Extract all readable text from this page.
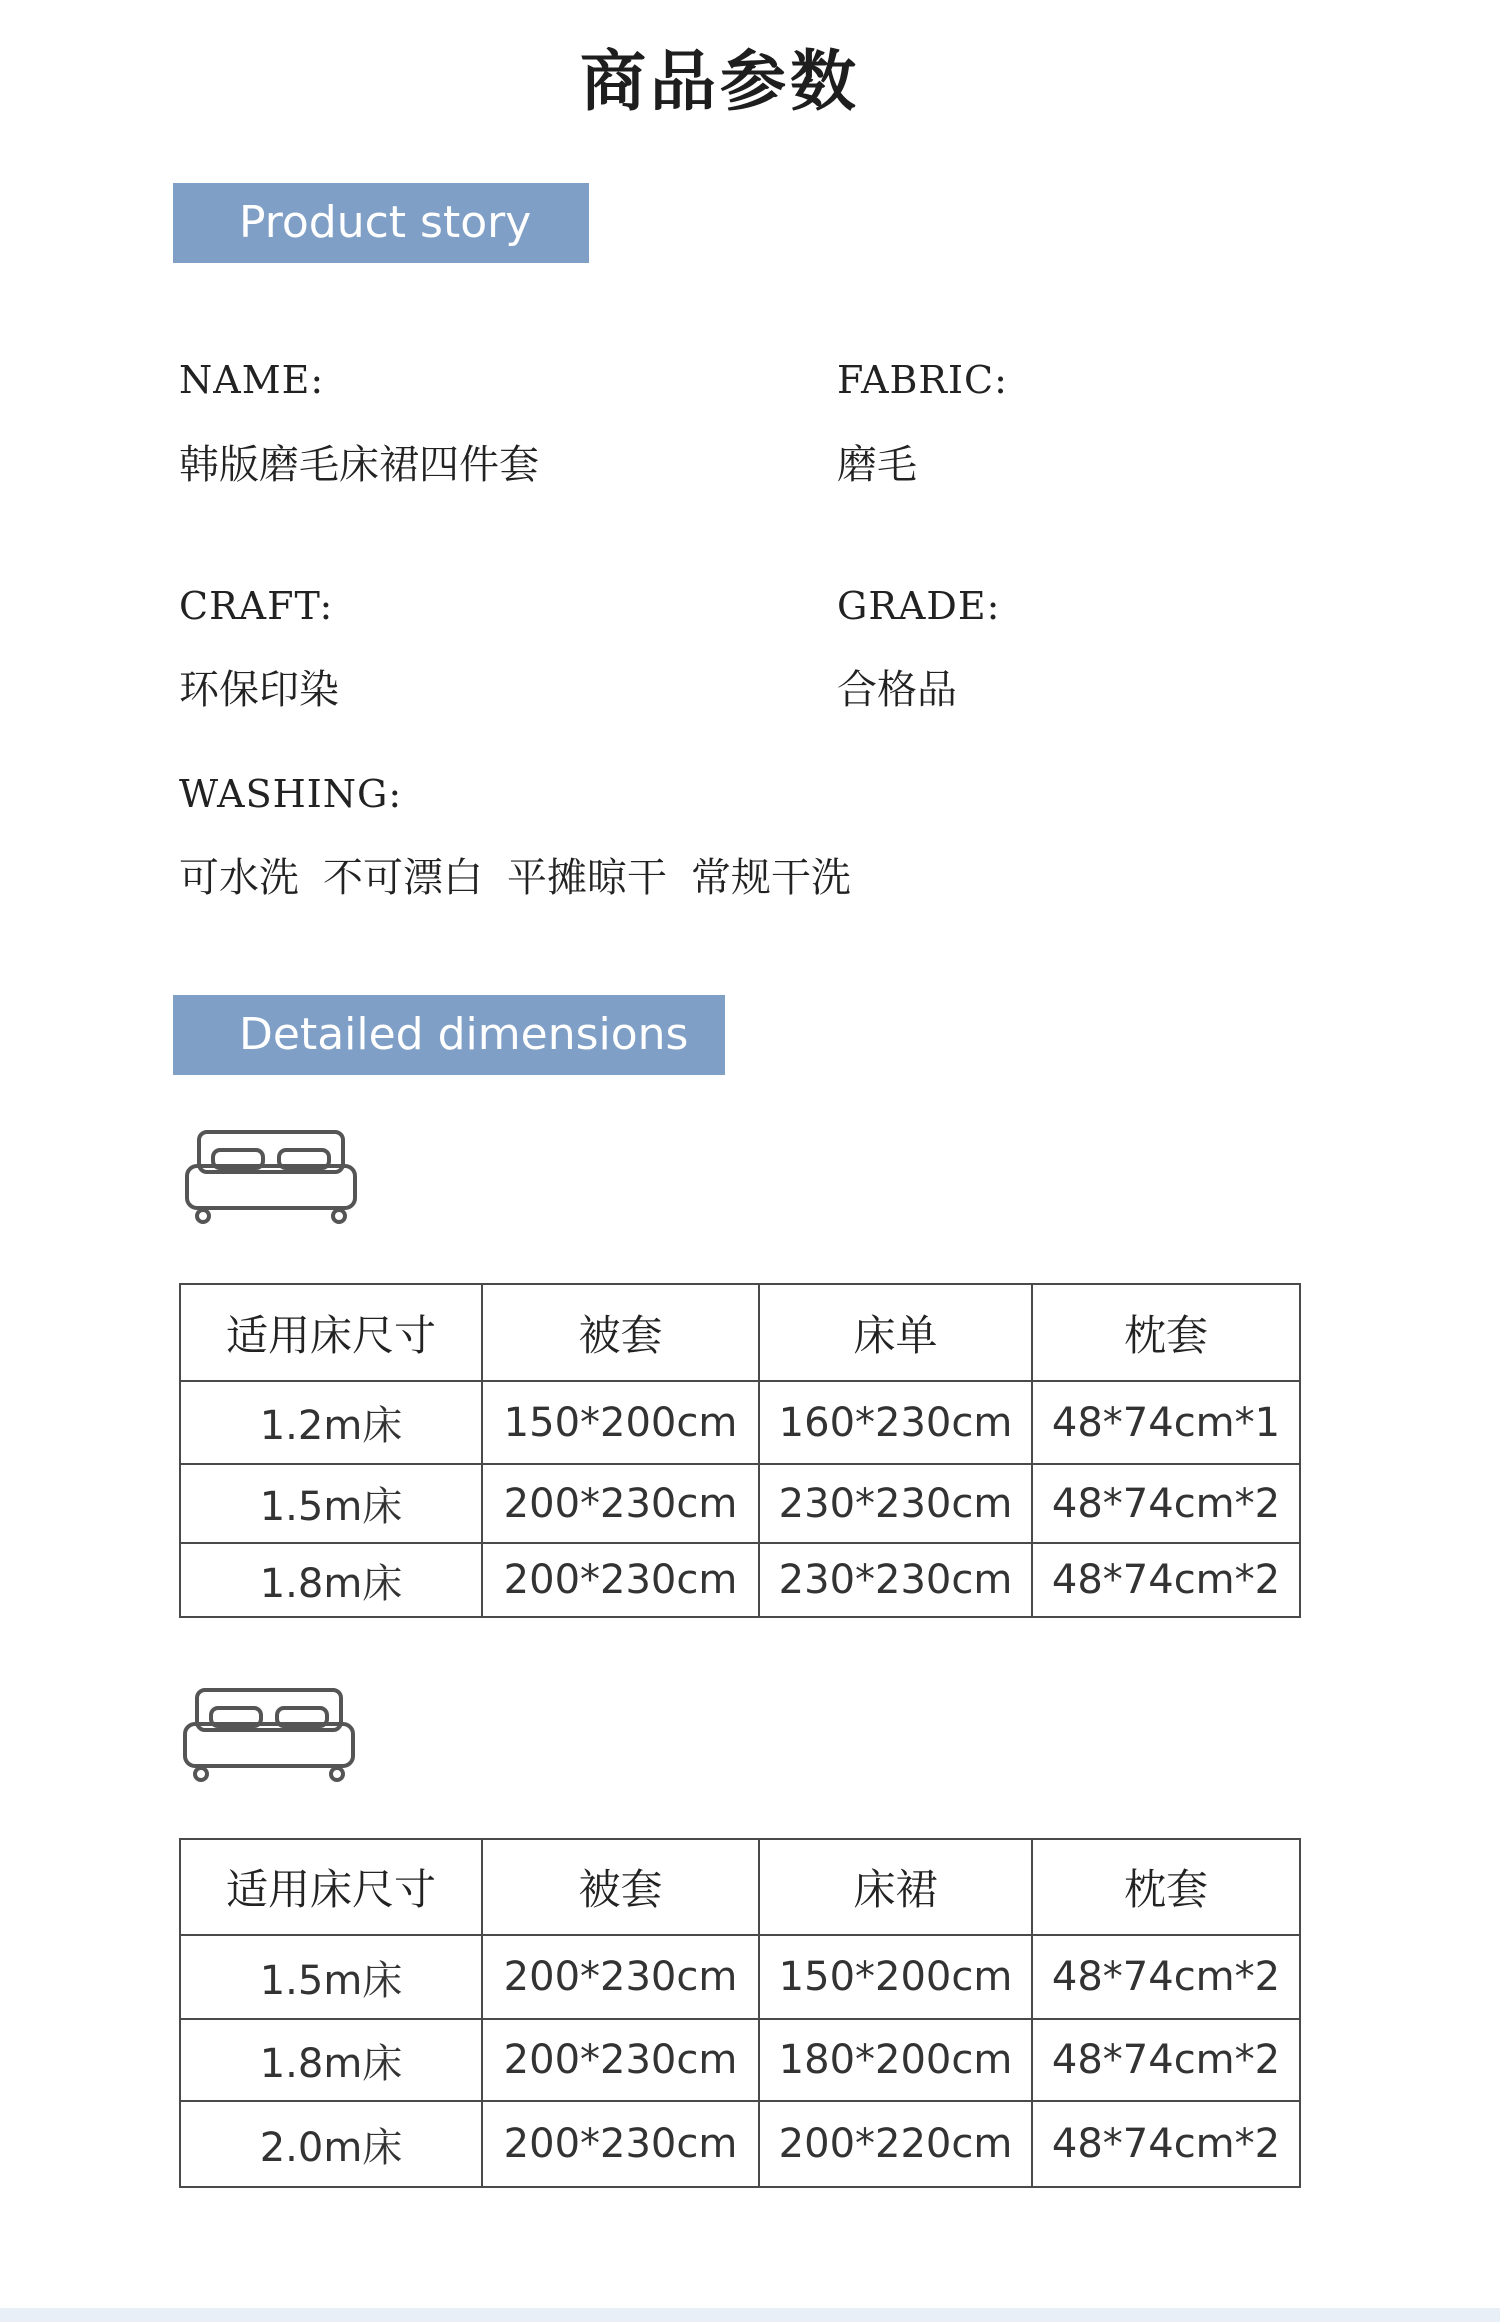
商品参数
Product story
NAME:
韩版磨毛床裙四件套
FABRIC:
磨毛
CRAFT:
环保印染
GRADE:
合格品
WASHING:
可水洗 不可漂白 平摊晾干 常规干洗
Detailed dimensions
适用床尺寸	被套	床单	枕套
1.2m床	150*200cm	160*230cm	48*74cm*1
1.5m床	200*230cm	230*230cm	48*74cm*2
1.8m床	200*230cm	230*230cm	48*74cm*2
适用床尺寸	被套	床裙	枕套
1.5m床	200*230cm	150*200cm	48*74cm*2
1.8m床	200*230cm	180*200cm	48*74cm*2
2.0m床	200*230cm	200*220cm	48*74cm*2
